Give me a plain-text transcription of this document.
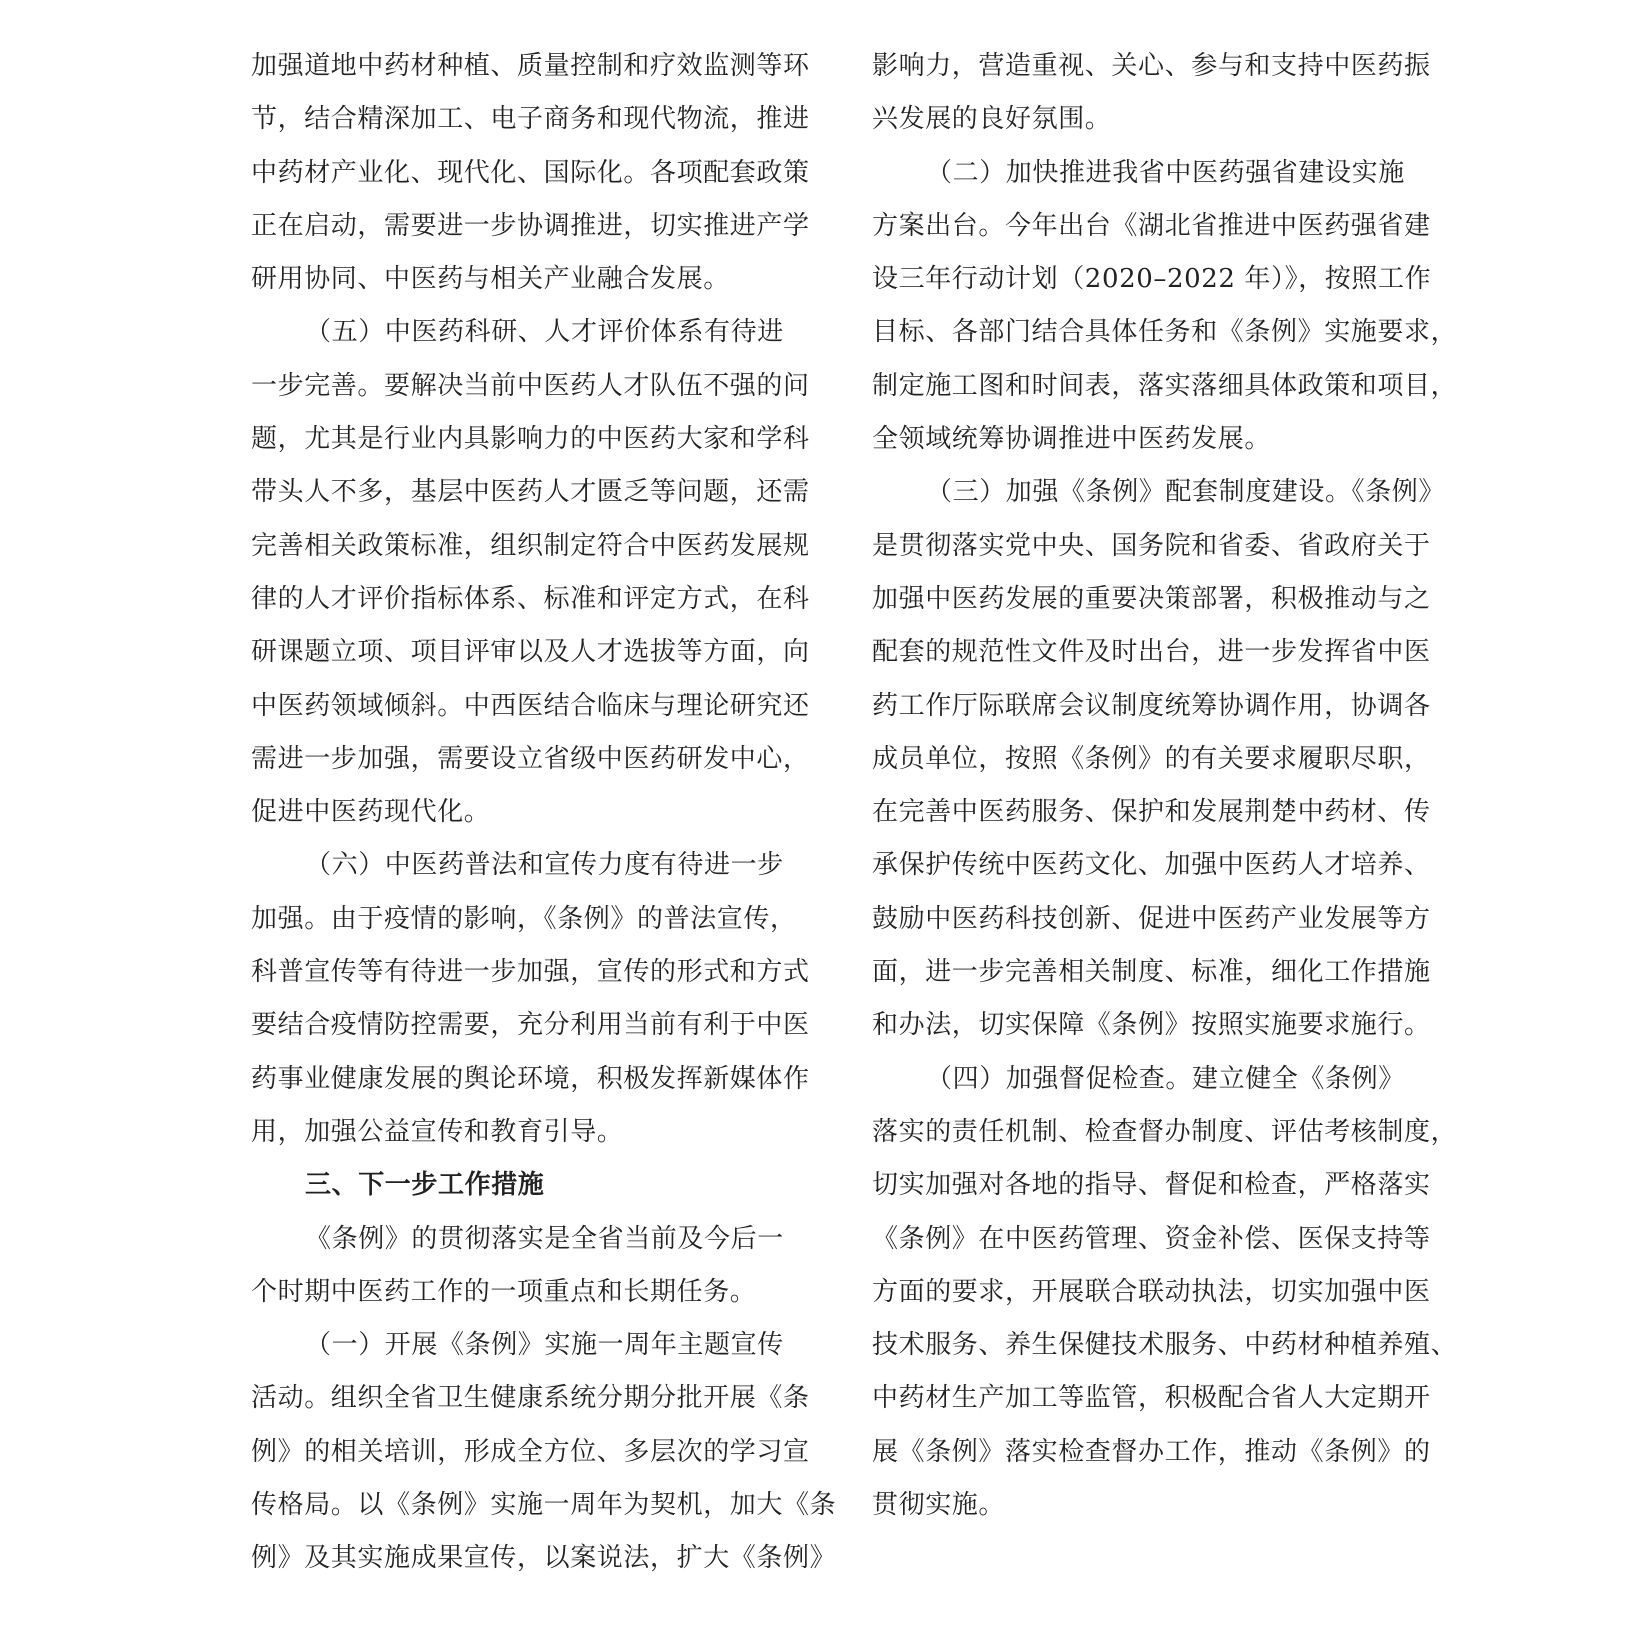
加强道地中药材种植、质量控制和疗效监测等环
节，结合精深加工、电子商务和现代物流，推进
中药材产业化、现代化、国际化。各项配套政策
正在启动，需要进一步协调推进，切实推进产学
研用协同、中医药与相关产业融合发展。
（五）中医药科研、人才评价体系有待进
一步完善。要解决当前中医药人才队伍不强的问
题，尤其是行业内具影响力的中医药大家和学科
带头人不多，基层中医药人才匮乏等问题，还需
完善相关政策标准，组织制定符合中医药发展规
律的人才评价指标体系、标准和评定方式，在科
研课题立项、项目评审以及人才选拔等方面，向
中医药领域倾斜。中西医结合临床与理论研究还
需进一步加强，需要设立省级中医药研发中心，
促进中医药现代化。
（六）中医药普法和宣传力度有待进一步
加强。由于疫情的影响，《条例》的普法宣传，
科普宣传等有待进一步加强，宣传的形式和方式
要结合疫情防控需要，充分利用当前有利于中医
药事业健康发展的舆论环境，积极发挥新媒体作
用，加强公益宣传和教育引导。
三、下一步工作措施
《条例》的贯彻落实是全省当前及今后一
个时期中医药工作的一项重点和长期任务。
（一）开展《条例》实施一周年主题宣传
活动。组织全省卫生健康系统分期分批开展《条
例》的相关培训，形成全方位、多层次的学习宣
传格局。以《条例》实施一周年为契机，加大《条
例》及其实施成果宣传，以案说法，扩大《条例》
影响力，营造重视、关心、参与和支持中医药振
兴发展的良好氛围。
（二）加快推进我省中医药强省建设实施
方案出台。今年出台《湖北省推进中医药强省建
设三年行动计划（2020–2022 年）》，按照工作
目标、各部门结合具体任务和《条例》实施要求，
制定施工图和时间表，落实落细具体政策和项目，
全领域统筹协调推进中医药发展。
（三）加强《条例》配套制度建设。《条例》
是贯彻落实党中央、国务院和省委、省政府关于
加强中医药发展的重要决策部署，积极推动与之
配套的规范性文件及时出台，进一步发挥省中医
药工作厅际联席会议制度统筹协调作用，协调各
成员单位，按照《条例》的有关要求履职尽职，
在完善中医药服务、保护和发展荆楚中药材、传
承保护传统中医药文化、加强中医药人才培养、
鼓励中医药科技创新、促进中医药产业发展等方
面，进一步完善相关制度、标准，细化工作措施
和办法，切实保障《条例》按照实施要求施行。
（四）加强督促检查。建立健全《条例》
落实的责任机制、检查督办制度、评估考核制度，
切实加强对各地的指导、督促和检查，严格落实
《条例》在中医药管理、资金补偿、医保支持等
方面的要求，开展联合联动执法，切实加强中医
技术服务、养生保健技术服务、中药材种植养殖、
中药材生产加工等监管，积极配合省人大定期开
展《条例》落实检查督办工作，推动《条例》的
贯彻实施。
